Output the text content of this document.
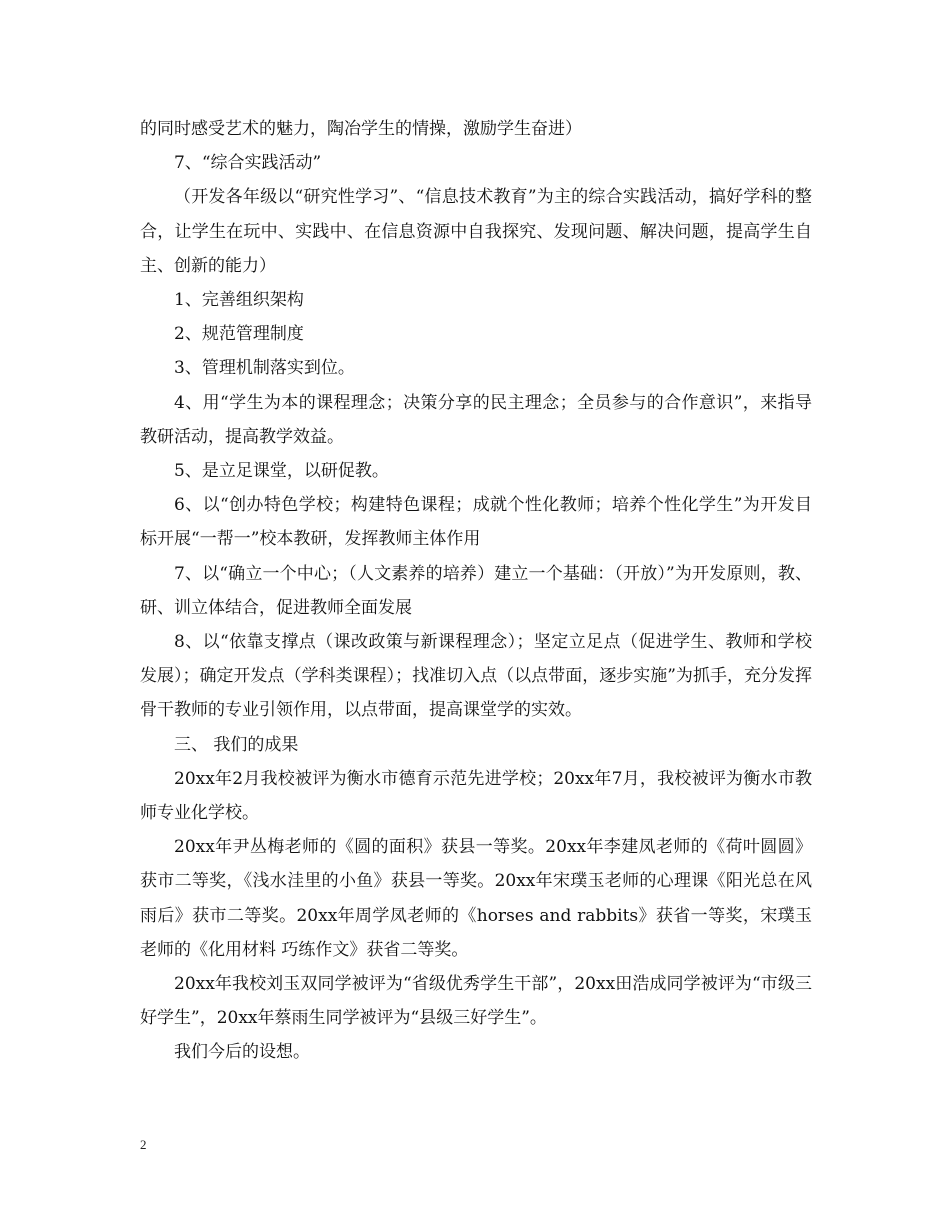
的同时感受艺术的魅力，陶冶学生的情操，激励学生奋进）

7、“综合实践活动”

（开发各年级以“研究性学习”、“信息技术教育”为主的综合实践活动，搞好学科的整合，让学生在玩中、实践中、在信息资源中自我探究、发现问题、解决问题，提高学生自主、创新的能力）

1、完善组织架构

2、规范管理制度

3、管理机制落实到位。

4、用“学生为本的课程理念；决策分享的民主理念；全员参与的合作意识”，来指导教研活动，提高教学效益。

5、是立足课堂，以研促教。

6、以“创办特色学校；构建特色课程；成就个性化教师；培养个性化学生”为开发目标开展“一帮一”校本教研，发挥教师主体作用

7、以“确立一个中心；（人文素养的培养）建立一个基础：（开放）”为开发原则，教、研、训立体结合，促进教师全面发展

8、以“依靠支撑点（课改政策与新课程理念）；坚定立足点（促进学生、教师和学校发展）；确定开发点（学科类课程）；找准切入点（以点带面，逐步实施”为抓手，充分发挥骨干教师的专业引领作用，以点带面，提高课堂学的实效。

三、 我们的成果

20xx年2月我校被评为衡水市德育示范先进学校；20xx年7月，我校被评为衡水市教师专业化学校。

20xx年尹丛梅老师的《圆的面积》获县一等奖。20xx年李建凤老师的《荷叶圆圆》获市二等奖，《浅水洼里的小鱼》获县一等奖。20xx年宋璞玉老师的心理课《阳光总在风雨后》获市二等奖。20xx年周学凤老师的《horses and rabbits》获省一等奖，宋璞玉老师的《化用材料 巧练作文》获省二等奖。

20xx年我校刘玉双同学被评为“省级优秀学生干部”，20xx田浩成同学被评为“市级三好学生”，20xx年蔡雨生同学被评为“县级三好学生”。

我们今后的设想。

2
